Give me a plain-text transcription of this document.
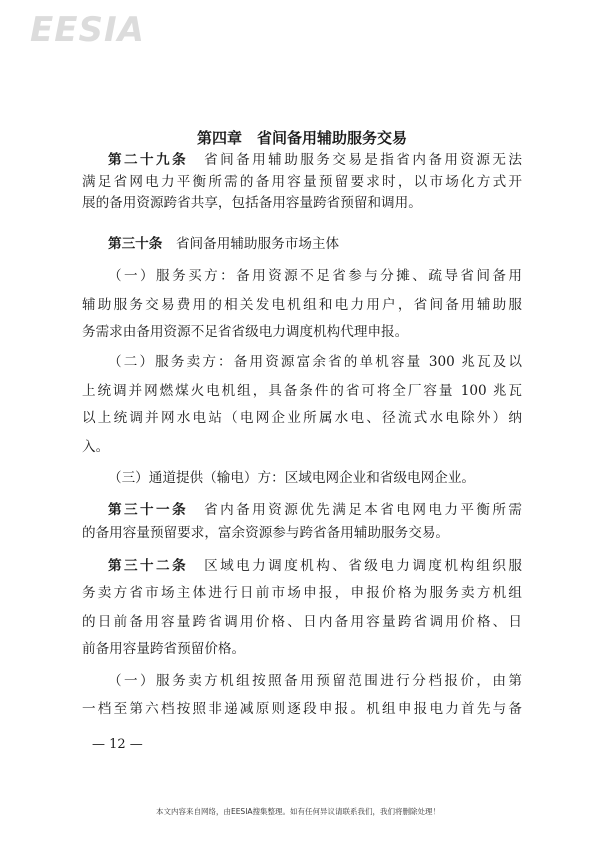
EESIA
第四章　省间备用辅助服务交易
第二十九条　省间备用辅助服务交易是指省内备用资源无法
满足省网电力平衡所需的备用容量预留要求时，以市场化方式开
展的备用资源跨省共享，包括备用容量跨省预留和调用。
第三十条　省间备用辅助服务市场主体
（一）服务买方：备用资源不足省参与分摊、疏导省间备用
辅助服务交易费用的相关发电机组和电力用户，省间备用辅助服
务需求由备用资源不足省省级电力调度机构代理申报。
（二）服务卖方：备用资源富余省的单机容量 300 兆瓦及以
上统调并网燃煤火电机组，具备条件的省可将全厂容量 100 兆瓦
以上统调并网水电站（电网企业所属水电、径流式水电除外）纳
入。
（三）通道提供（输电）方：区域电网企业和省级电网企业。
第三十一条　省内备用资源优先满足本省电网电力平衡所需
的备用容量预留要求，富余资源参与跨省备用辅助服务交易。
第三十二条　区域电力调度机构、省级电力调度机构组织服
务卖方省市场主体进行日前市场申报，申报价格为服务卖方机组
的日前备用容量跨省调用价格、日内备用容量跨省调用价格、日
前备用容量跨省预留价格。
（一）服务卖方机组按照备用预留范围进行分档报价，由第
一档至第六档按照非递减原则逐段申报。机组申报电力首先与备
— 12 —
本文内容来自网络，由EESIA搜集整理。如有任何异议请联系我们，我们将删除处理！
